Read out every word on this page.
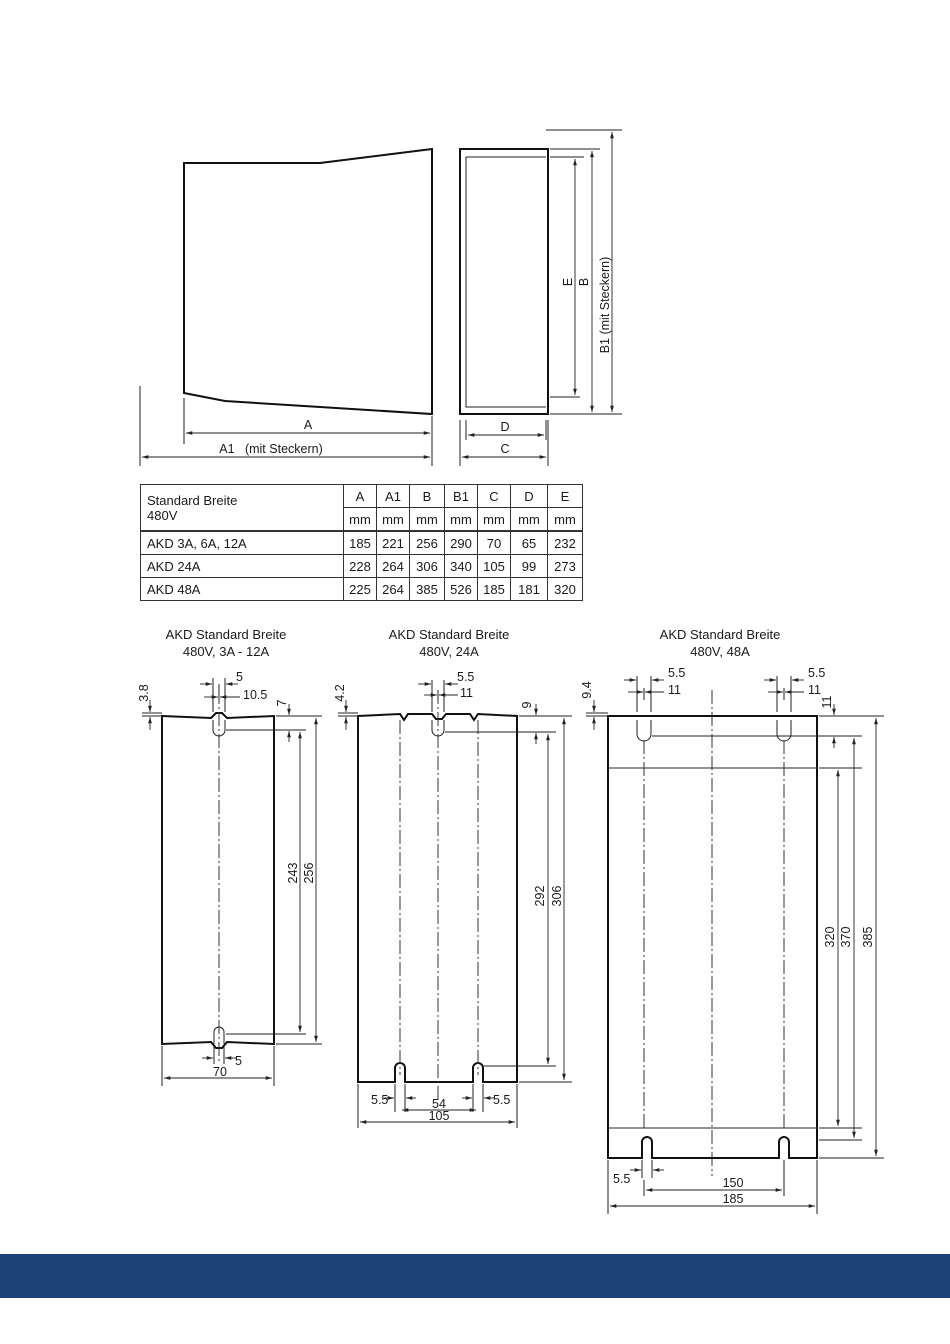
A
A1   (mit Steckern)
D
C
E B B1 (mit Steckern)
AKD Standard Breite
480V, 3A - 12A
5
10.5
3.8
7
243 256
5
70
AKD Standard Breite
480V, 24A
5.5
11
4.2
9
292 306
5.5	54	5.5
105
AKD Standard Breite
480V, 48A
5.5
11
5.5
11
9.4
11
320 370 385
5.5	150
185
Standard Breite
480V	A	A1	B	B1	C	D	E
	mm	mm	mm	mm	mm	mm	mm
AKD 3A, 6A, 12A	185	221	256	290	70	65	232
AKD 24A	228	264	306	340	105	99	273
AKD 48A	225	264	385	526	185	181	320
